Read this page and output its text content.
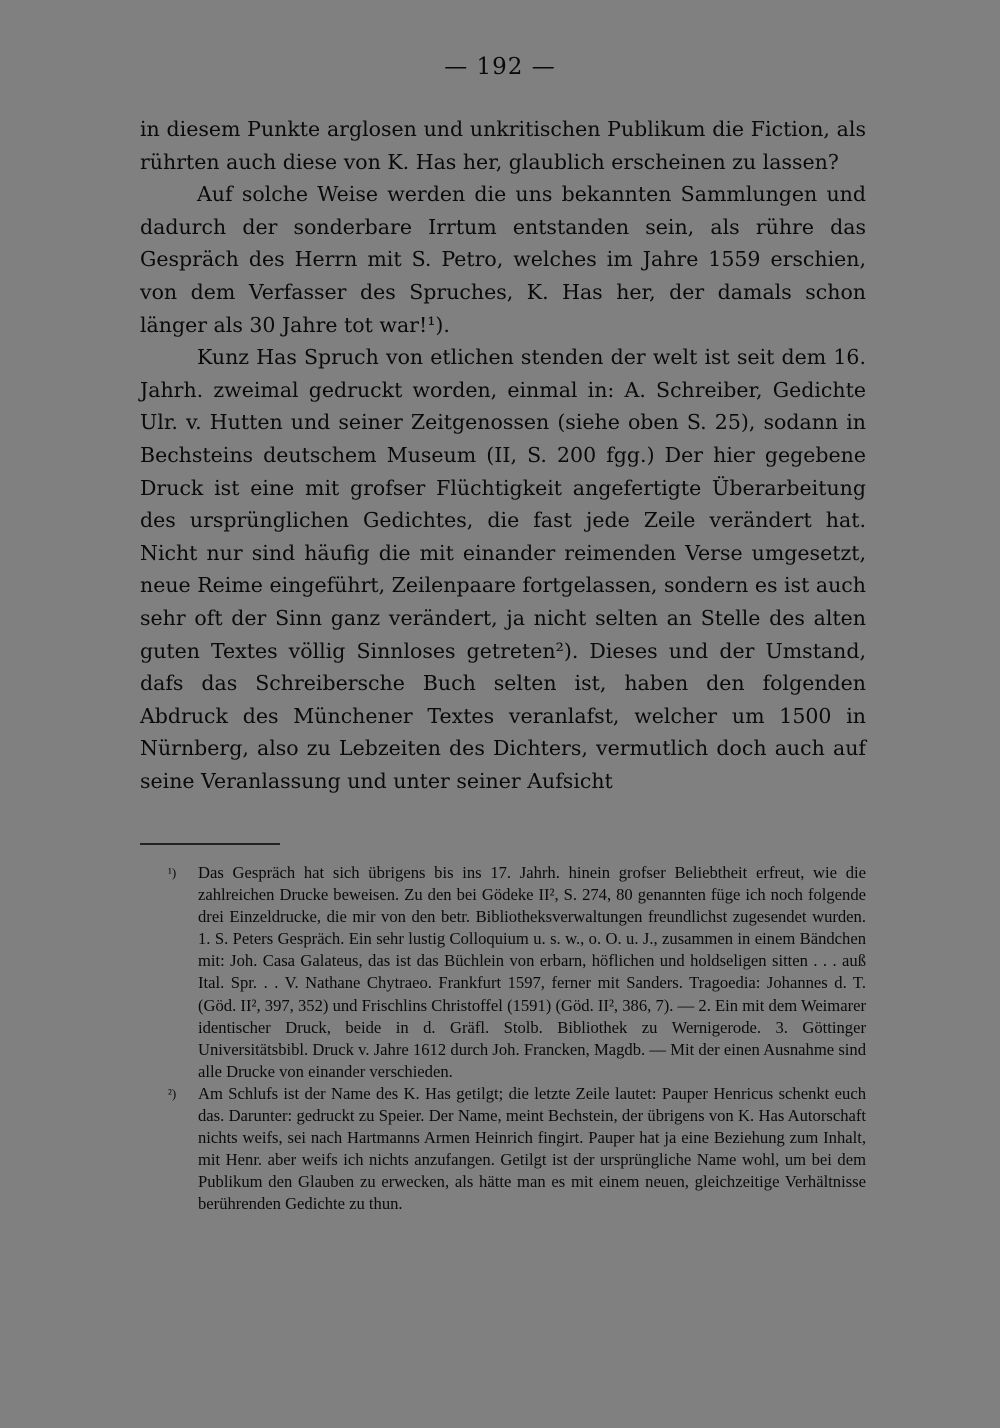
— 192 —

in diesem Punkte arglosen und unkritischen Publikum die Fiction, als rührten auch diese von K. Has her, glaublich erscheinen zu lassen?

Auf solche Weise werden die uns bekannten Sammlungen und dadurch der sonderbare Irrtum entstanden sein, als rühre das Gespräch des Herrn mit S. Petro, welches im Jahre 1559 erschien, von dem Verfasser des Spruches, K. Has her, der damals schon länger als 30 Jahre tot war!¹).

Kunz Has Spruch von etlichen stenden der welt ist seit dem 16. Jahrh. zweimal gedruckt worden, einmal in: A. Schreiber, Gedichte Ulr. v. Hutten und seiner Zeitgenossen (siehe oben S. 25), sodann in Bechsteins deutschem Museum (II, S. 200 fgg.) Der hier gegebene Druck ist eine mit grofser Flüchtigkeit angefertigte Überarbeitung des ursprünglichen Gedichtes, die fast jede Zeile verändert hat. Nicht nur sind häufig die mit einander reimenden Verse umgesetzt, neue Reime eingeführt, Zeilenpaare fortgelassen, sondern es ist auch sehr oft der Sinn ganz verändert, ja nicht selten an Stelle des alten guten Textes völlig Sinnloses getreten²). Dieses und der Umstand, dafs das Schreibersche Buch selten ist, haben den folgenden Abdruck des Münchener Textes veranlafst, welcher um 1500 in Nürnberg, also zu Lebzeiten des Dichters, vermutlich doch auch auf seine Veranlassung und unter seiner Aufsicht

¹) Das Gespräch hat sich übrigens bis ins 17. Jahrh. hinein grofser Beliebtheit erfreut, wie die zahlreichen Drucke beweisen. Zu den bei Gödeke II², S. 274, 80 genannten füge ich noch folgende drei Einzeldrucke, die mir von den betr. Bibliotheksverwaltungen freundlichst zugesendet wurden. 1. S. Peters Gespräch. Ein sehr lustig Colloquium u. s. w., o. O. u. J., zusammen in einem Bändchen mit: Joh. Casa Galateus, das ist das Büchlein von erbarn, höflichen und holdseligen sitten . . . auß Ital. Spr. . . V. Nathane Chytraeo. Frankfurt 1597, ferner mit Sanders. Tragoedia: Johannes d. T. (Göd. II², 397, 352) und Frischlins Christoffel (1591) (Göd. II², 386, 7). — 2. Ein mit dem Weimarer identischer Druck, beide in d. Gräfl. Stolb. Bibliothek zu Wernigerode. 3. Göttinger Universitätsbibl. Druck v. Jahre 1612 durch Joh. Francken, Magdb. — Mit der einen Ausnahme sind alle Drucke von einander verschieden.
²) Am Schlufs ist der Name des K. Has getilgt; die letzte Zeile lautet: Pauper Henricus schenkt euch das. Darunter: gedruckt zu Speier. Der Name, meint Bechstein, der übrigens von K. Has Autorschaft nichts weifs, sei nach Hartmanns Armen Heinrich fingirt. Pauper hat ja eine Beziehung zum Inhalt, mit Henr. aber weifs ich nichts anzufangen. Getilgt ist der ursprüngliche Name wohl, um bei dem Publikum den Glauben zu erwecken, als hätte man es mit einem neuen, gleichzeitige Verhältnisse berührenden Gedichte zu thun.
